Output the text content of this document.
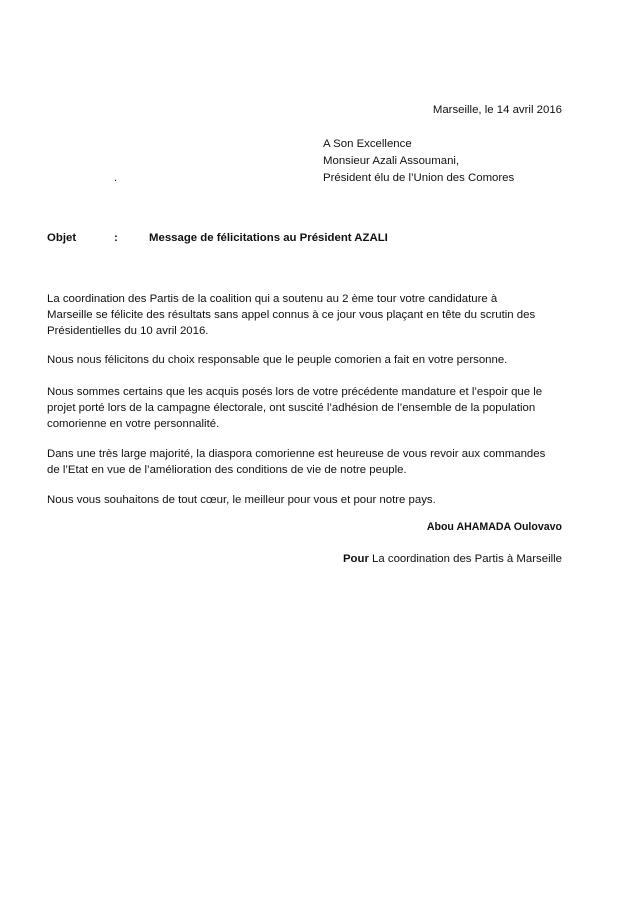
Marseille, le 14 avril 2016
A Son Excellence
Monsieur Azali Assoumani,
Président élu de l’Union des Comores
.
Objet	:	Message de félicitations au Président AZALI
La coordination des Partis de la coalition qui a soutenu au 2 ème tour votre candidature à
Marseille se félicite des résultats sans appel connus à ce jour vous plaçant en tête du scrutin des
Présidentielles du 10 avril 2016.
Nous nous félicitons du choix responsable que le peuple comorien a fait en votre personne.
Nous sommes certains que les acquis posés lors de votre précédente mandature et l’espoir que le
projet porté lors de la campagne électorale, ont suscité l’adhésion de l’ensemble de la population
comorienne en votre personnalité.
Dans une très large majorité, la diaspora comorienne est heureuse de vous revoir aux commandes
de l’Etat en vue de l’amélioration des conditions de vie de notre peuple.
Nous vous souhaitons de tout cœur, le meilleur pour vous et pour notre pays.
Abou AHAMADA Oulovavo
Pour La coordination des Partis à Marseille
